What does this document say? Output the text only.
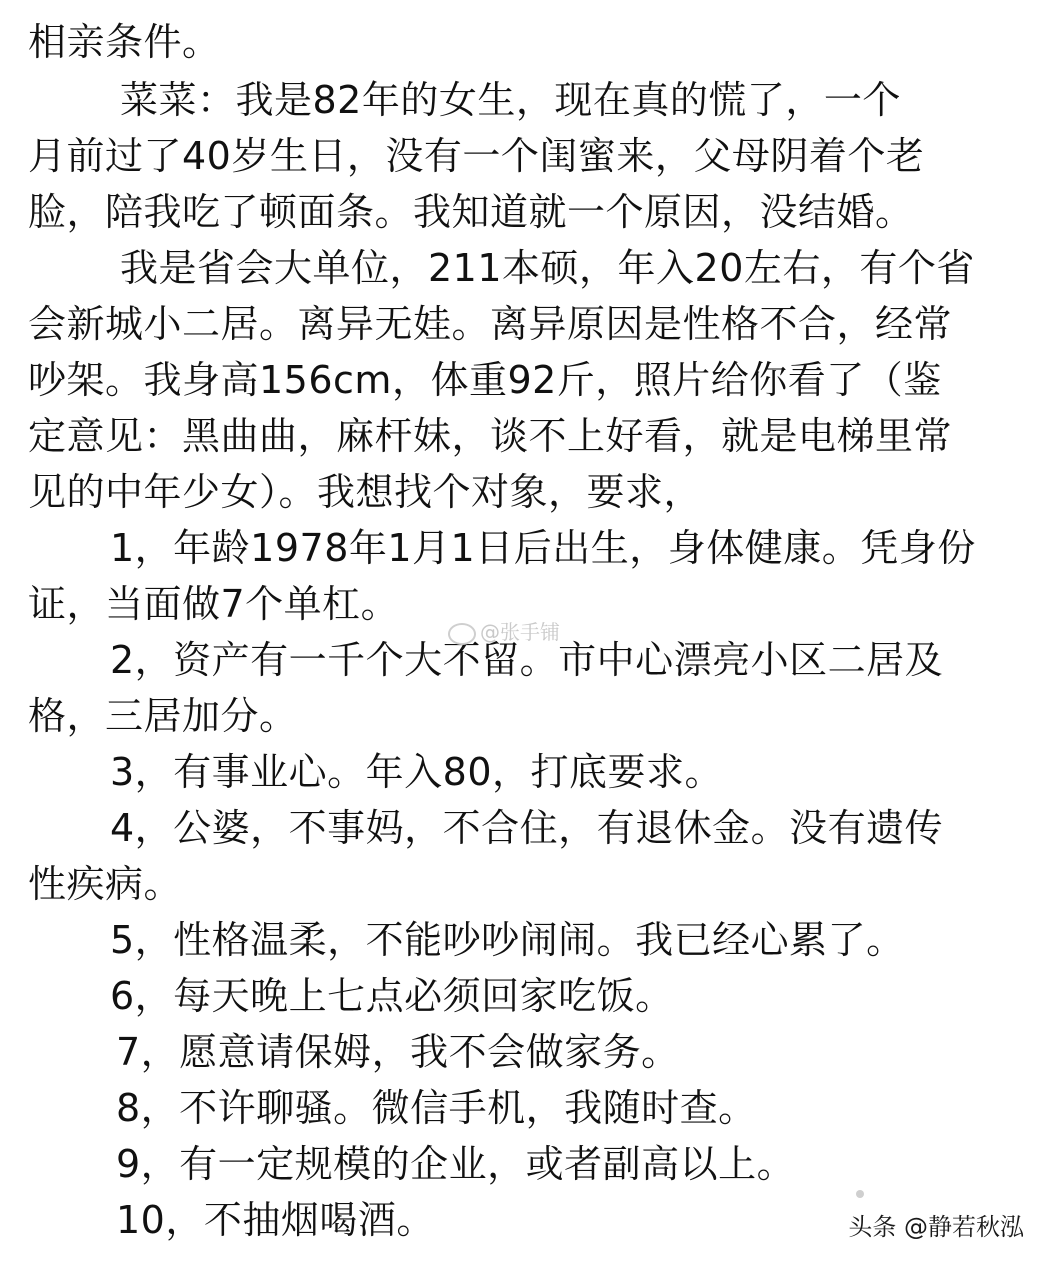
相亲条件。
菜菜：我是82年的女生，现在真的慌了，一个
月前过了40岁生日，没有一个闺蜜来，父母阴着个老
脸，陪我吃了顿面条。我知道就一个原因，没结婚。
我是省会大单位，211本硕，年入20左右，有个省
会新城小二居。离异无娃。离异原因是性格不合，经常
吵架。我身高156cm，体重92斤，照片给你看了（鉴
定意见：黑曲曲，麻杆妹，谈不上好看，就是电梯里常
见的中年少女）。我想找个对象，要求，
1，年龄1978年1月1日后出生，身体健康。凭身份
证，当面做7个单杠。
2，资产有一千个大不留。市中心漂亮小区二居及
格，三居加分。
3，有事业心。年入80，打底要求。
4，公婆，不事妈，不合住，有退休金。没有遗传
性疾病。
5，性格温柔，不能吵吵闹闹。我已经心累了。
6，每天晚上七点必须回家吃饭。
7，愿意请保姆，我不会做家务。
8，不许聊骚。微信手机，我随时查。
9，有一定规模的企业，或者副高以上。
10，不抽烟喝酒。
@张手铺
头条 @静若秋泓
